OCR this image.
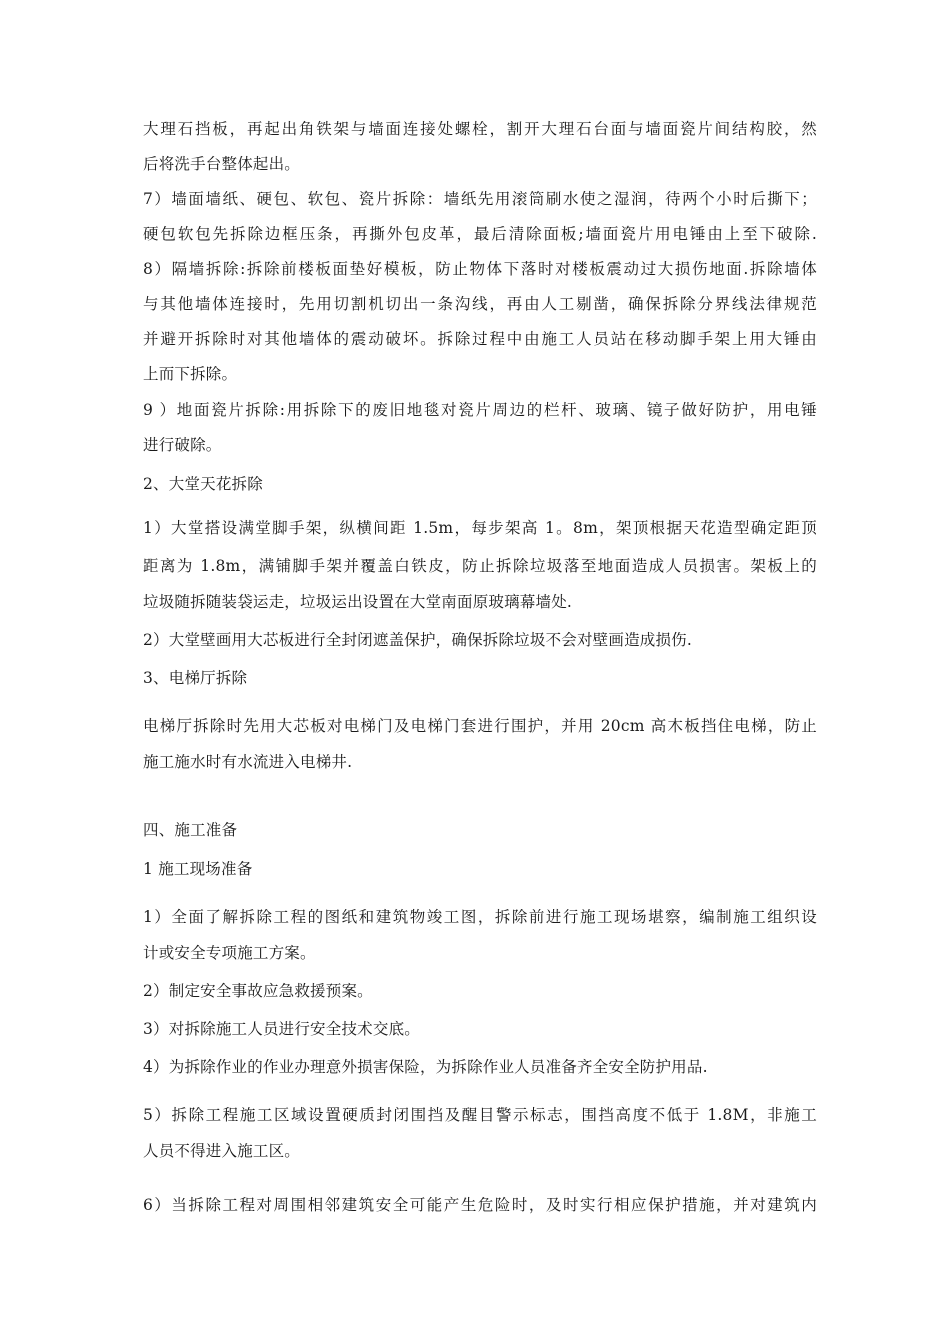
大理石挡板，再起出角铁架与墙面连接处螺栓，割开大理石台面与墙面瓷片间结构胶，然
后将洗手台整体起出。
7）墙面墙纸、硬包、软包、瓷片拆除：墙纸先用滚筒刷水使之湿润，待两个小时后撕下；
硬包软包先拆除边框压条，再撕外包皮革，最后清除面板;墙面瓷片用电锤由上至下破除.
8）隔墙拆除:拆除前楼板面垫好模板，防止物体下落时对楼板震动过大损伤地面.拆除墙体
与其他墙体连接时，先用切割机切出一条沟线，再由人工剔凿，确保拆除分界线法律规范
并避开拆除时对其他墙体的震动破坏。拆除过程中由施工人员站在移动脚手架上用大锤由
上而下拆除。
9 ）地面瓷片拆除:用拆除下的废旧地毯对瓷片周边的栏杆、玻璃、镜子做好防护，用电锤
进行破除。
2、大堂天花拆除
1）大堂搭设满堂脚手架，纵横间距 1.5m，每步架高 1。8m，架顶根据天花造型确定距顶
距离为 1.8m，满铺脚手架并覆盖白铁皮，防止拆除垃圾落至地面造成人员损害。架板上的
垃圾随拆随装袋运走，垃圾运出设置在大堂南面原玻璃幕墙处.
2）大堂壁画用大芯板进行全封闭遮盖保护，确保拆除垃圾不会对壁画造成损伤.
3、电梯厅拆除
电梯厅拆除时先用大芯板对电梯门及电梯门套进行围护，并用 20cm 高木板挡住电梯，防止
施工施水时有水流进入电梯井.
四、施工准备
1 施工现场准备
1）全面了解拆除工程的图纸和建筑物竣工图，拆除前进行施工现场堪察，编制施工组织设
计或安全专项施工方案。
2）制定安全事故应急救援预案。
3）对拆除施工人员进行安全技术交底。
4）为拆除作业的作业办理意外损害保险，为拆除作业人员准备齐全安全防护用品.
5）拆除工程施工区域设置硬质封闭围挡及醒目警示标志，围挡高度不低于 1.8M，非施工
人员不得进入施工区。
6）当拆除工程对周围相邻建筑安全可能产生危险时，及时实行相应保护措施，并对建筑内
